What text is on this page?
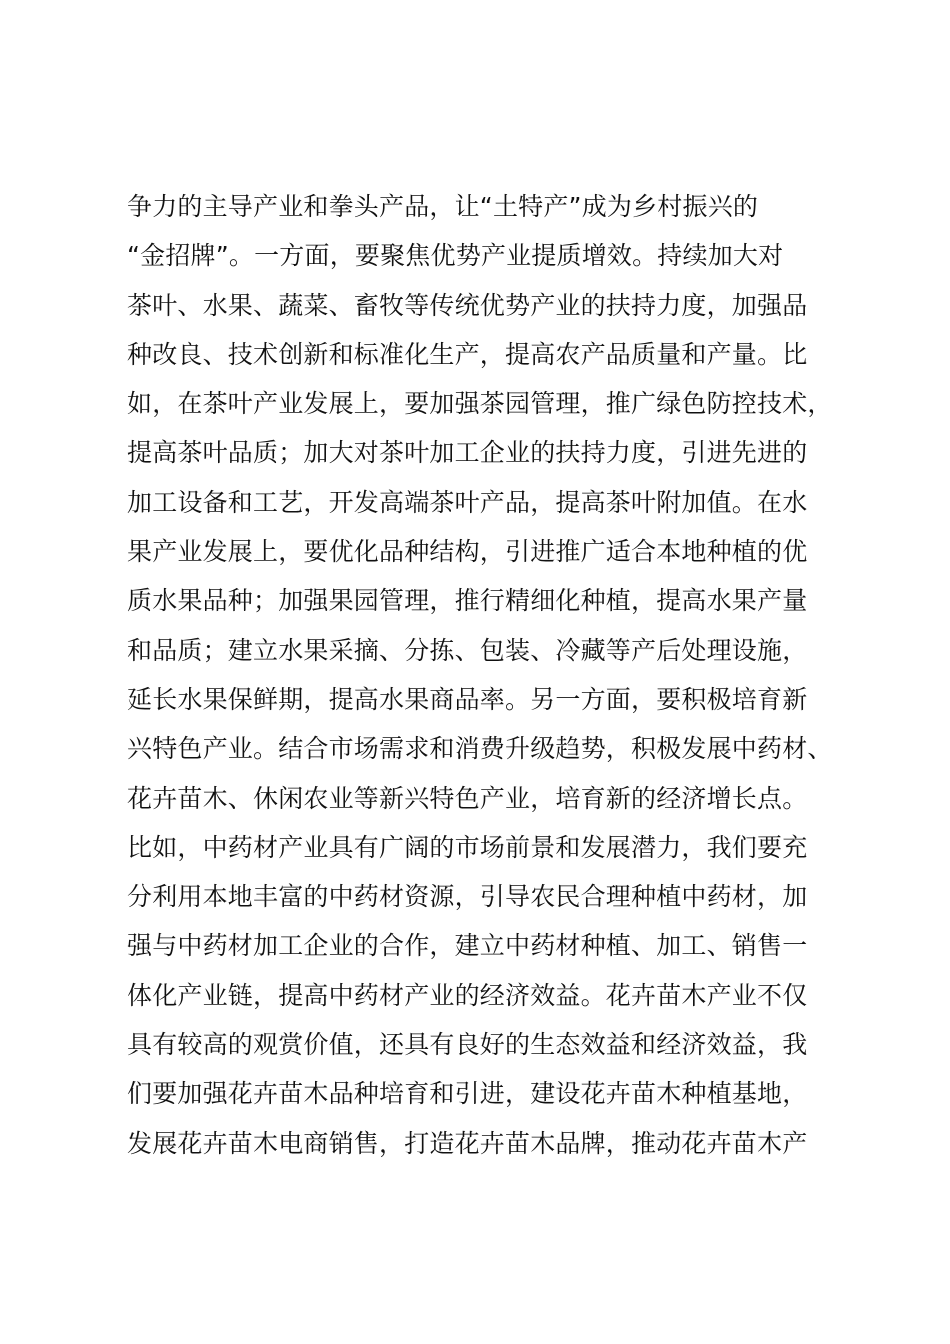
争力的主导产业和拳头产品，让“土特产”成为乡村振兴的
“金招牌”。一方面，要聚焦优势产业提质增效。持续加大对
茶叶、水果、蔬菜、畜牧等传统优势产业的扶持力度，加强品
种改良、技术创新和标准化生产，提高农产品质量和产量。比
如，在茶叶产业发展上，要加强茶园管理，推广绿色防控技术，
提高茶叶品质；加大对茶叶加工企业的扶持力度，引进先进的
加工设备和工艺，开发高端茶叶产品，提高茶叶附加值。在水
果产业发展上，要优化品种结构，引进推广适合本地种植的优
质水果品种；加强果园管理，推行精细化种植，提高水果产量
和品质；建立水果采摘、分拣、包装、冷藏等产后处理设施，
延长水果保鲜期，提高水果商品率。另一方面，要积极培育新
兴特色产业。结合市场需求和消费升级趋势，积极发展中药材、
花卉苗木、休闲农业等新兴特色产业，培育新的经济增长点。
比如，中药材产业具有广阔的市场前景和发展潜力，我们要充
分利用本地丰富的中药材资源，引导农民合理种植中药材，加
强与中药材加工企业的合作，建立中药材种植、加工、销售一
体化产业链，提高中药材产业的经济效益。花卉苗木产业不仅
具有较高的观赏价值，还具有良好的生态效益和经济效益，我
们要加强花卉苗木品种培育和引进，建设花卉苗木种植基地，
发展花卉苗木电商销售，打造花卉苗木品牌，推动花卉苗木产
